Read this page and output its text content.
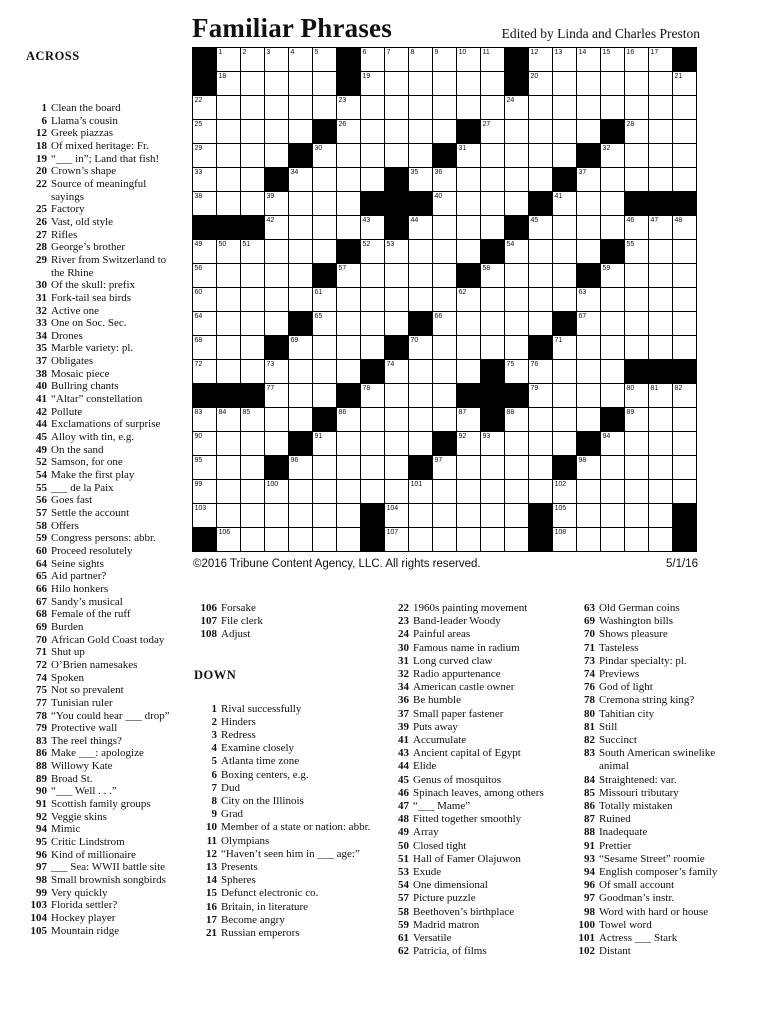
Familiar Phrases	Edited by Linda and Charles Preston
1	2	3	4	5	6	7	8	9	10 11	12 13 14 15 16 17
18	19	20	21
22	23	24
25	26	27	28
29	30	31	32
33	34	35 36	37
38	39	40	41
42	43	44	45	46 47 48
49 50 51	52 53	54	55
56	57	58	59
60	61	62	63
64	65	66	67
68	69	70	71
72	73	74	75 76
77	78	79	80 81 82
83 84 85	86	87	88	89
90	91	92 93	94
95	96	97	98
99	100	101	102
103	104	105
106	107	108
©2016 Tribune Content Agency, LLC. All rights reserved.	5/1/16
ACROSS
1 Clean the board
6 Llama’s cousin
12 Greek piazzas
18 Of mixed heritage: Fr.
19 “___ in”; Land that fish!
20 Crown’s shape
22 Source of meaningful sayings
25 Factory
26 Vast, old style
27 Rifles
28 George’s brother
29 River from Switzerland to the Rhine
30 Of the skull: prefix
31 Fork-tail sea birds
32 Active one
33 One on Soc. Sec.
34 Drones
35 Marble variety: pl.
37 Obligates
38 Mosaic piece
40 Bullring chants
41 “Altar” constellation
42 Pollute
44 Exclamations of surprise
45 Alloy with tin, e.g.
49 On the sand
52 Samson, for one
54 Make the first play
55 ___ de la Paix
56 Goes fast
57 Settle the account
58 Offers
59 Congress persons: abbr.
60 Proceed resolutely
64 Seine sights
65 Aid partner?
66 Hilo honkers
67 Sandy’s musical
68 Female of the ruff
69 Burden
70 African Gold Coast today
71 Shut up
72 O’Brien namesakes
74 Spoken
75 Not so prevalent
77 Tunisian ruler
78 “You could hear ___ drop”
79 Protective wall
83 The reel things?
86 Make ___: apologize
88 Willowy Kate
89 Broad St.
90 “___ Well . . .”
91 Scottish family groups
92 Veggie skins
94 Mimic
95 Critic Lindstrom
96 Kind of millionaire
97 ___ Sea: WWII battle site
98 Small brownish songbirds
99 Very quickly
103 Florida settler?
104 Hockey player
105 Mountain ridge
106 Forsake
107 File clerk
108 Adjust
DOWN
1 Rival successfully
2 Hinders
3 Redress
4 Examine closely
5 Atlanta time zone
6 Boxing centers, e.g.
7 Dud
8 City on the Illinois
9 Grad
10 Member of a state or nation: abbr.
11 Olympians
12 “Haven’t seen him in ___ age:”
13 Presents
14 Spheres
15 Defunct electronic co.
16 Britain, in literature
17 Become angry
21 Russian emperors
22 1960s painting movement
23 Band-leader Woody
24 Painful areas
30 Famous name in radium
31 Long curved claw
32 Radio appurtenance
34 American castle owner
36 Be humble
37 Small paper fastener
39 Puts away
41 Accumulate
43 Ancient capital of Egypt
44 Elide
45 Genus of mosquitos
46 Spinach leaves, among others
47 “___ Mame”
48 Fitted together smoothly
49 Array
50 Closed tight
51 Hall of Famer Olajuwon
53 Exude
54 One dimensional
57 Picture puzzle
58 Beethoven’s birthplace
59 Madrid matron
61 Versatile
62 Patricia, of films
63 Old German coins
69 Washington bills
70 Shows pleasure
71 Tasteless
73 Pindar specialty: pl.
74 Previews
76 God of light
78 Cremona string king?
80 Tahitian city
81 Still
82 Succinct
83 South American swinelike animal
84 Straightened: var.
85 Missouri tributary
86 Totally mistaken
87 Ruined
88 Inadequate
91 Prettier
93 “Sesame Street” roomie
94 English composer’s family
96 Of small account
97 Goodman’s instr.
98 Word with hard or house
100 Towel word
101 Actress ___ Stark
102 Distant
